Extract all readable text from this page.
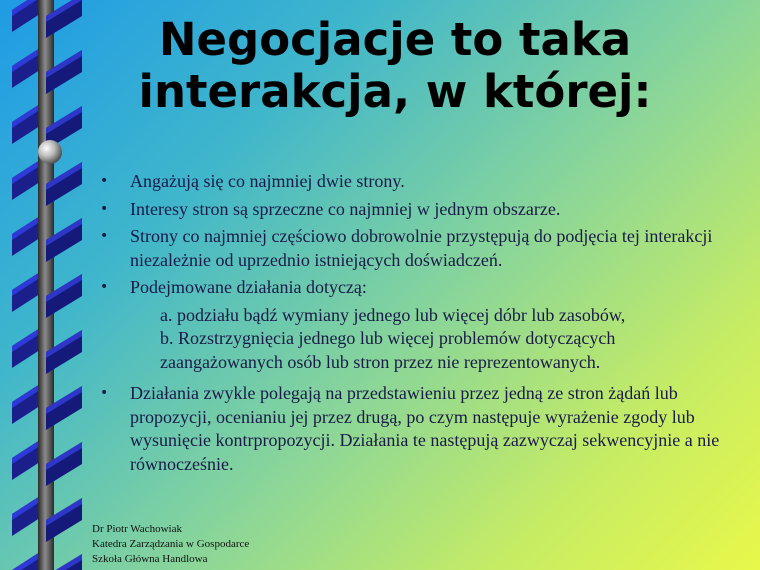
Negocjacje to taka
interakcja, w której:
• Angażują się co najmniej dwie strony.
• Interesy stron są sprzeczne co najmniej w jednym obszarze.
• Strony co najmniej częściowo dobrowolnie przystępują do podjęcia tej interakcji niezależnie od uprzednio istniejących doświadczeń.
• Podejmowane działania dotyczą:
a. podziału bądź wymiany jednego lub więcej dóbr lub zasobów,
b. Rozstrzygnięcia jednego lub więcej problemów dotyczących zaangażowanych osób lub stron przez nie reprezentowanych.
• Działania zwykle polegają na przedstawieniu przez jedną ze stron żądań lub propozycji, ocenianiu jej przez drugą, po czym następuje wyrażenie zgody lub wysunięcie kontrpropozycji. Działania te następują zazwyczaj sekwencyjnie a nie równocześnie.
Dr Piotr Wachowiak
Katedra Zarządzania w Gospodarce
Szkoła Główna Handlowa
